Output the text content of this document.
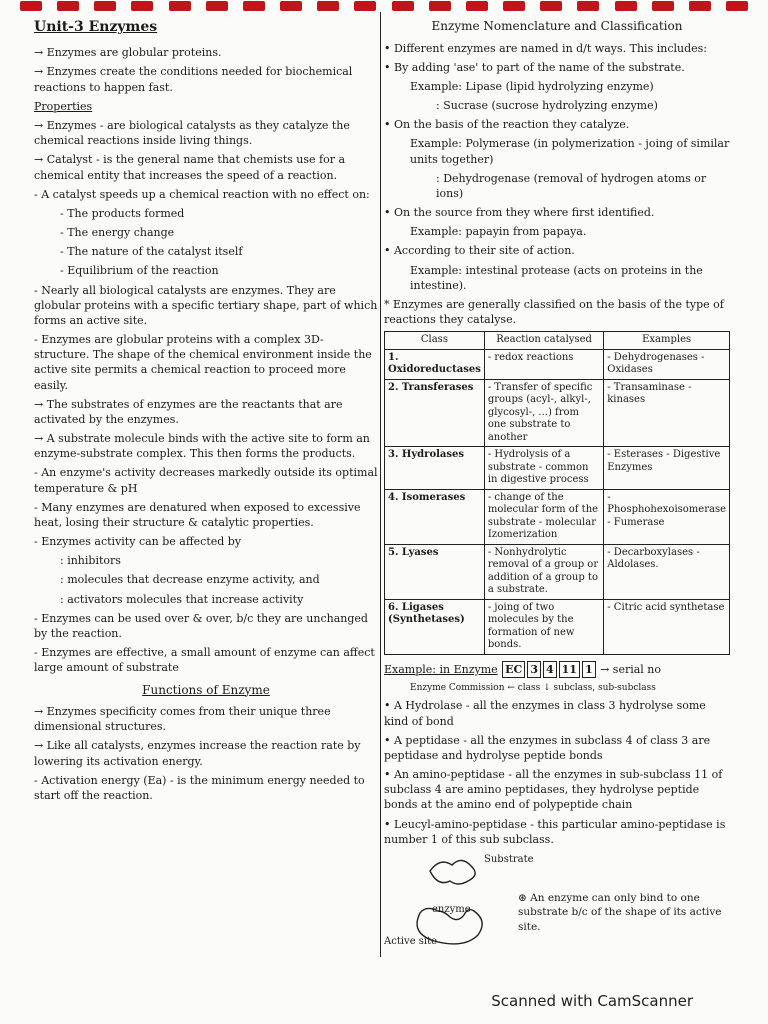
Unit-3 Enzymes

→ Enzymes are globular proteins.

→ Enzymes create the conditions needed for biochemical reactions to happen fast.

Properties

→ Enzymes - are biological catalysts as they catalyze the chemical reactions inside living things.

→ Catalyst - is the general name that chemists use for a chemical entity that increases the speed of a reaction.

- A catalyst speeds up a chemical reaction with no effect on:

- The products formed

- The energy change

- The nature of the catalyst itself

- Equilibrium of the reaction

- Nearly all biological catalysts are enzymes. They are globular proteins with a specific tertiary shape, part of which forms an active site.

- Enzymes are globular proteins with a complex 3D-structure. The shape of the chemical environment inside the active site permits a chemical reaction to proceed more easily.

→ The substrates of enzymes are the reactants that are activated by the enzymes.

→ A substrate molecule binds with the active site to form an enzyme-substrate complex. This then forms the products.

- An enzyme's activity decreases markedly outside its optimal temperature & pH

- Many enzymes are denatured when exposed to excessive heat, losing their structure & catalytic properties.

- Enzymes activity can be affected by

: inhibitors

: molecules that decrease enzyme activity, and

: activators molecules that increase activity

- Enzymes can be used over & over, b/c they are unchanged by the reaction.

- Enzymes are effective, a small amount of enzyme can affect large amount of substrate

Functions of Enzyme

→ Enzymes specificity comes from their unique three dimensional structures.

→ Like all catalysts, enzymes increase the reaction rate by lowering its activation energy.

- Activation energy (Ea) - is the minimum energy needed to start off the reaction.

Enzyme Nomenclature and Classification

• Different enzymes are named in d/t ways. This includes:

• By adding 'ase' to part of the name of the substrate.

Example: Lipase (lipid hydrolyzing enzyme)

: Sucrase (sucrose hydrolyzing enzyme)

• On the basis of the reaction they catalyze.

Example: Polymerase (in polymerization - joing of similar units together)

: Dehydrogenase (removal of hydrogen atoms or ions)

• On the source from they where first identified.

Example: papayin from papaya.

• According to their site of action.

Example: intestinal protease (acts on proteins in the intestine).

* Enzymes are generally classified on the basis of the type of reactions they catalyse.

Class	Reaction catalysed	Examples
1. Oxidoreductases	- redox reactions	- Dehydrogenases - Oxidases
2. Transferases	- Transfer of specific groups (acyl-, alkyl-, glycosyl-, ...) from one substrate to another	- Transaminase - kinases
3. Hydrolases	- Hydrolysis of a substrate - common in digestive process	- Esterases - Digestive Enzymes
4. Isomerases	- change of the molecular form of the substrate - molecular Izomerization	- Phosphohexoisomerase - Fumerase
5. Lyases	- Nonhydrolytic removal of a group or addition of a group to a substrate.	- Decarboxylases - Aldolases.
6. Ligases (Synthetases)	- joing of two molecules by the formation of new bonds.	- Citric acid synthetase

Example: in Enzyme EC 3 4 11 1 → serial no

Enzyme Commission ← class ↓ subclass, sub-subclass

• A Hydrolase - all the enzymes in class 3 hydrolyse some kind of bond

• A peptidase - all the enzymes in subclass 4 of class 3 are peptidase and hydrolyse peptide bonds

• An amino-peptidase - all the enzymes in sub-subclass 11 of subclass 4 are amino peptidases, they hydrolyse peptide bonds at the amino end of polypeptide chain

• Leucyl-amino-peptidase - this particular amino-peptidase is number 1 of this sub subclass.

Substrate
enzyme
Active site
⊛ An enzyme can only bind to one substrate b/c of the shape of its active site.
Scanned with CamScanner
